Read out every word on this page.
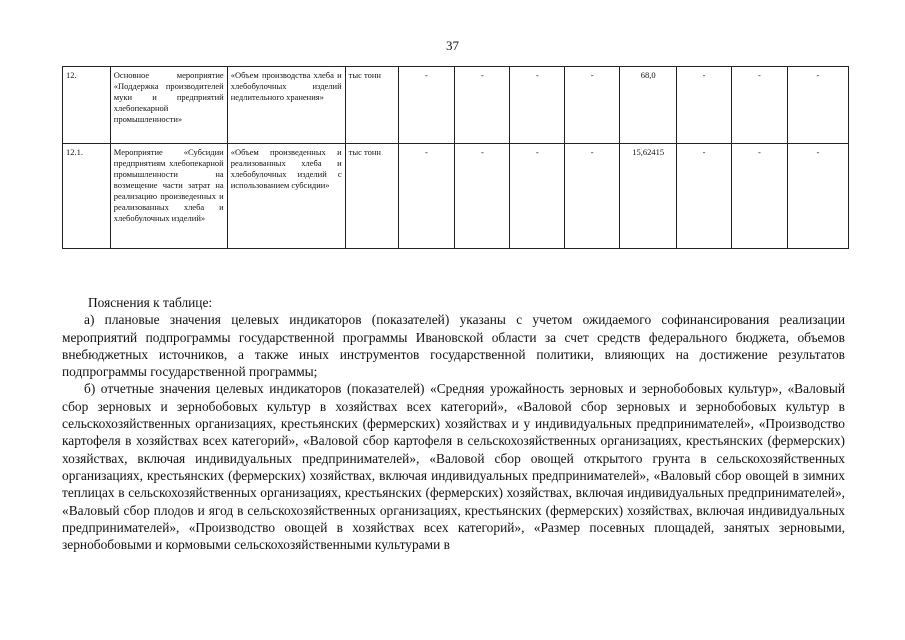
37
12.	Основное мероприятие «Поддержка производителей муки и предприятий хлебопекарной промышленности»	«Объем производства хлеба и хлебобулочных изделий недлительного хранения»	тыс тонн	-	-	-	-	68,0	-	-	-
12.1.	Мероприятие «Субсидии предприятиям хлебопекарной промышленности на возмещение части затрат на реализацию произведенных и реализованных хлеба и хлебобулочных изделий»	«Объем произведенных и реализованных хлеба и хлебобулочных изделий с использованием субсидии»	тыс тонн	-	-	-	-	15,62415	-	-	-

Пояснения к таблице:

а) плановые значения целевых индикаторов (показателей) указаны с учетом ожидаемого софинансирования реализации мероприятий подпрограммы государственной программы Ивановской области за счет средств федерального бюджета, объемов внебюджетных источников, а также иных инструментов государственной политики, влияющих на достижение результатов подпрограммы государственной программы;

б) отчетные значения целевых индикаторов (показателей) «Средняя урожайность зерновых и зернобобовых культур», «Валовый сбор зерновых и зернобобовых культур в хозяйствах всех категорий», «Валовой сбор зерновых и зернобобовых культур в сельскохозяйственных организациях, крестьянских (фермерских) хозяйствах и у индивидуальных предпринимателей», «Производство картофеля в хозяйствах всех категорий», «Валовой сбор картофеля в сельскохозяйственных организациях, крестьянских (фермерских) хозяйствах, включая индивидуальных предпринимателей», «Валовой сбор овощей открытого грунта в сельскохозяйственных организациях, крестьянских (фермерских) хозяйствах, включая индивидуальных предпринимателей», «Валовый сбор овощей в зимних теплицах в сельскохозяйственных организациях, крестьянских (фермерских) хозяйствах, включая индивидуальных предпринимателей», «Валовый сбор плодов и ягод в сельскохозяйственных организациях, крестьянских (фермерских) хозяйствах, включая индивидуальных предпринимателей», «Производство овощей в хозяйствах всех категорий», «Размер посевных площадей, занятых зерновыми, зернобобовыми и кормовыми сельскохозяйственными культурами в
